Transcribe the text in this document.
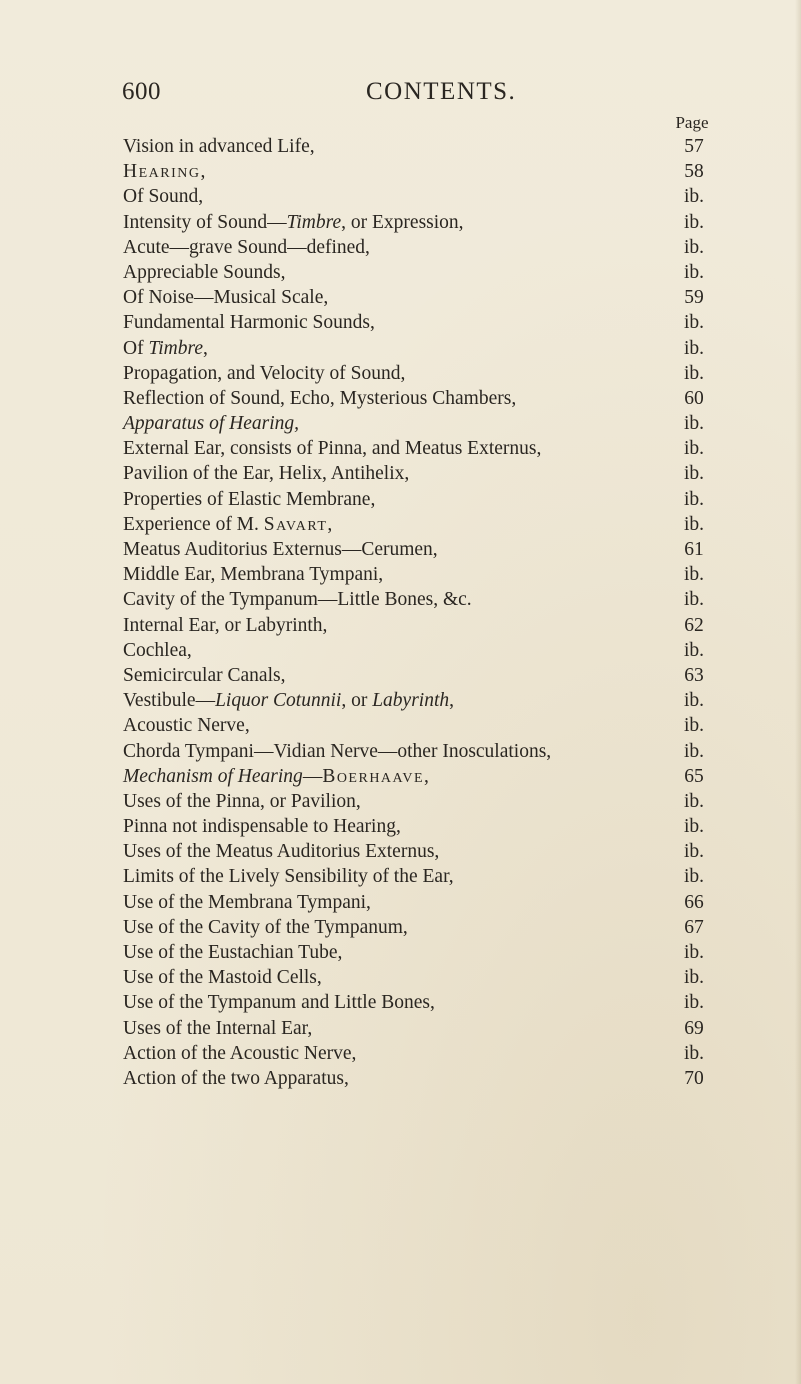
600	CONTENTS.
Page
Vision in advanced Life,	57
Hearing,	58
Of Sound,	ib.
Intensity of Sound—Timbre, or Expression,	ib.
Acute—grave Sound—defined,	ib.
Appreciable Sounds,	ib.
Of Noise—Musical Scale,	59
Fundamental Harmonic Sounds,	ib.
Of Timbre,	ib.
Propagation, and Velocity of Sound,	ib.
Reflection of Sound, Echo, Mysterious Chambers,	60
Apparatus of Hearing,	ib.
External Ear, consists of Pinna, and Meatus Externus,	ib.
Pavilion of the Ear, Helix, Antihelix,	ib.
Properties of Elastic Membrane,	ib.
Experience of M. Savart,	ib.
Meatus Auditorius Externus—Cerumen,	61
Middle Ear, Membrana Tympani,	ib.
Cavity of the Tympanum—Little Bones, &c.	ib.
Internal Ear, or Labyrinth,	62
Cochlea,	ib.
Semicircular Canals,	63
Vestibule—Liquor Cotunnii, or Labyrinth,	ib.
Acoustic Nerve,	ib.
Chorda Tympani—Vidian Nerve—other Inosculations,	ib.
Mechanism of Hearing—Boerhaave,	65
Uses of the Pinna, or Pavilion,	ib.
Pinna not indispensable to Hearing,	ib.
Uses of the Meatus Auditorius Externus,	ib.
Limits of the Lively Sensibility of the Ear,	ib.
Use of the Membrana Tympani,	66
Use of the Cavity of the Tympanum,	67
Use of the Eustachian Tube,	ib.
Use of the Mastoid Cells,	ib.
Use of the Tympanum and Little Bones,	ib.
Uses of the Internal Ear,	69
Action of the Acoustic Nerve,	ib.
Action of the two Apparatus,	70
